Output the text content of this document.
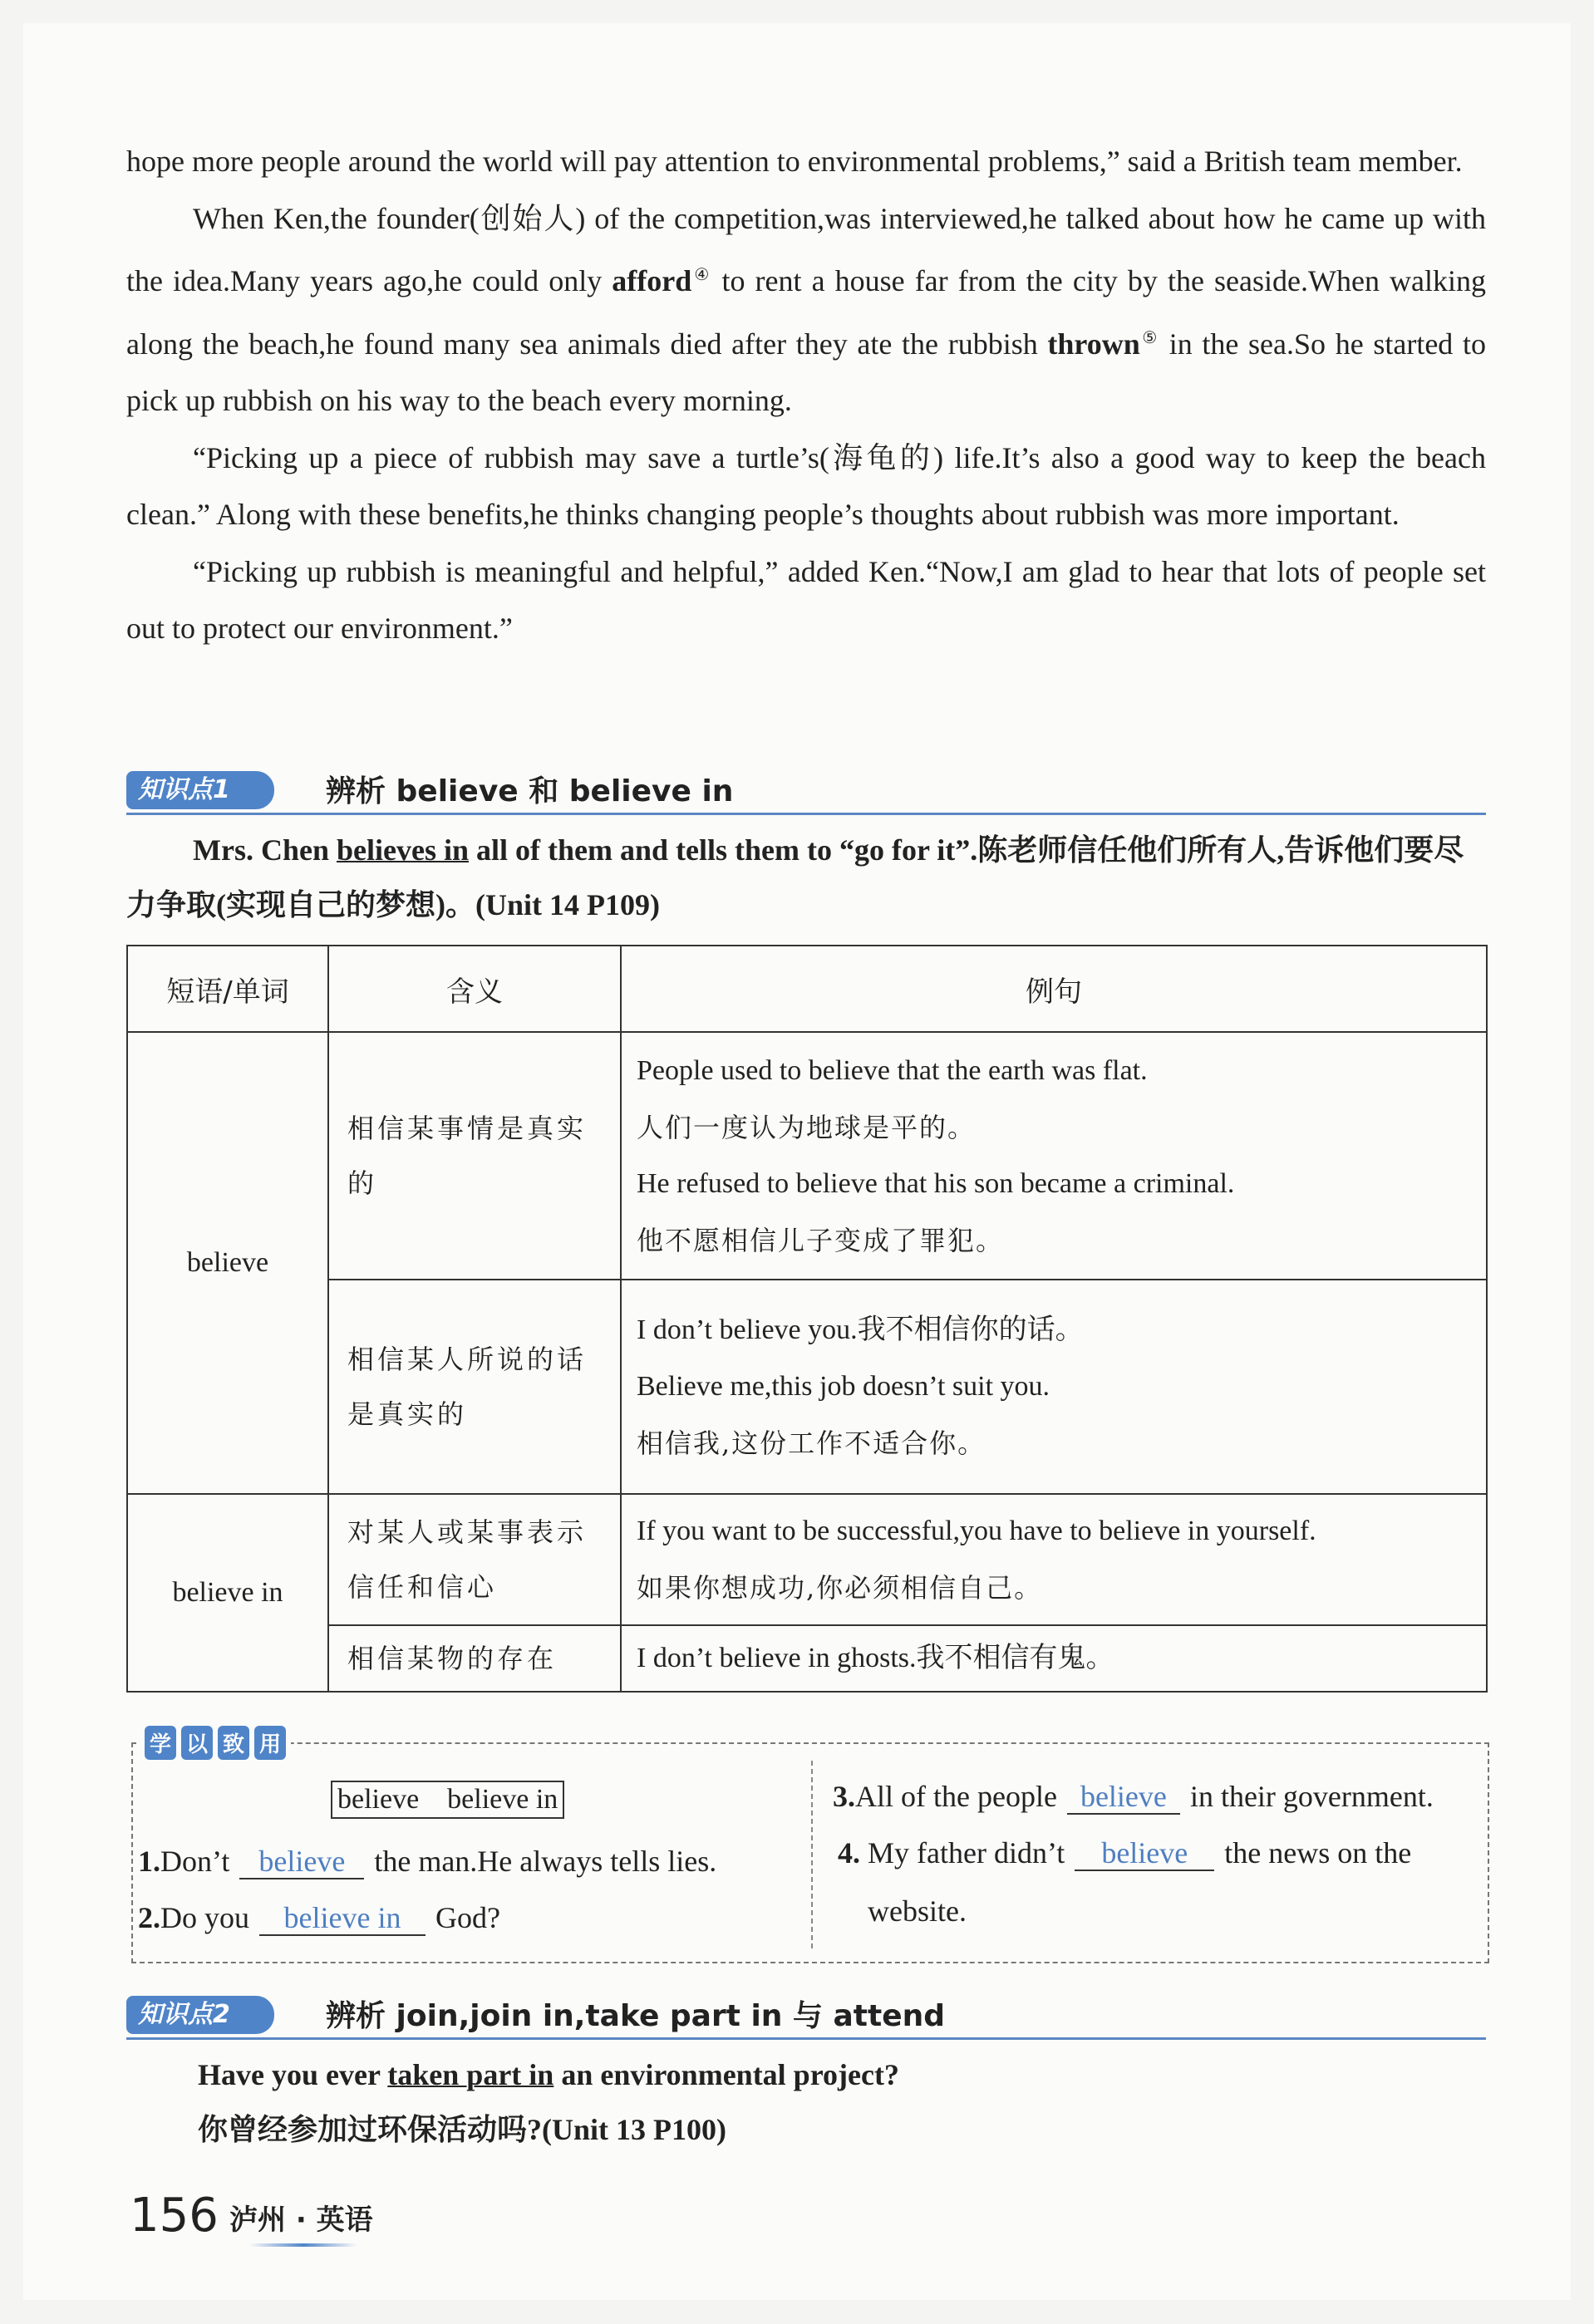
hope more people around the world will pay attention to environmental problems,” said a British team member.

When Ken,the founder(创始人) of the competition,was interviewed,he talked about how he came up with the idea.Many years ago,he could only afford④ to rent a house far from the city by the seaside.When walking along the beach,he found many sea animals died after they ate the rubbish thrown⑤ in the sea.So he started to pick up rubbish on his way to the beach every morning.

“Picking up a piece of rubbish may save a turtle’s(海龟的) life.It’s also a good way to keep the beach clean.” Along with these benefits,he thinks changing people’s thoughts about rubbish was more important.

“Picking up rubbish is meaningful and helpful,” added Ken.“Now,I am glad to hear that lots of people set out to protect our environment.”

知识点1	辨析 believe 和 believe in

Mrs. Chen believes in all of them and tells them to “go for it”.陈老师信任他们所有人,告诉他们要尽力争取(实现自己的梦想)。(Unit 14 P109)

短语/单词	含义	例句
believe	相信某事情是真实的	People used to believe that the earth was flat.
人们一度认为地球是平的。
He refused to believe that his son became a criminal.
他不愿相信儿子变成了罪犯。

	相信某人所说的话是真实的	I don’t believe you.我不相信你的话。
Believe me,this job doesn’t suit you.
相信我,这份工作不适合你。

believe in	对某人或某事表示信任和信心	If you want to be successful,you have to believe in yourself.
如果你想成功,你必须相信自己。

	相信某物的存在	I don’t believe in ghosts.我不相信有鬼。
学 以 致 用
believe    believe in
1.Don’t believe the man.He always tells lies.
2.Do you believe in God?
3.All of the people believe in their government.
4. My father didn’t believe the news on the
website.
知识点2	辨析 join,join in,take part in 与 attend

Have you ever taken part in an environmental project?

你曾经参加过环保活动吗?(Unit 13 P100)

156 泸州 · 英语
